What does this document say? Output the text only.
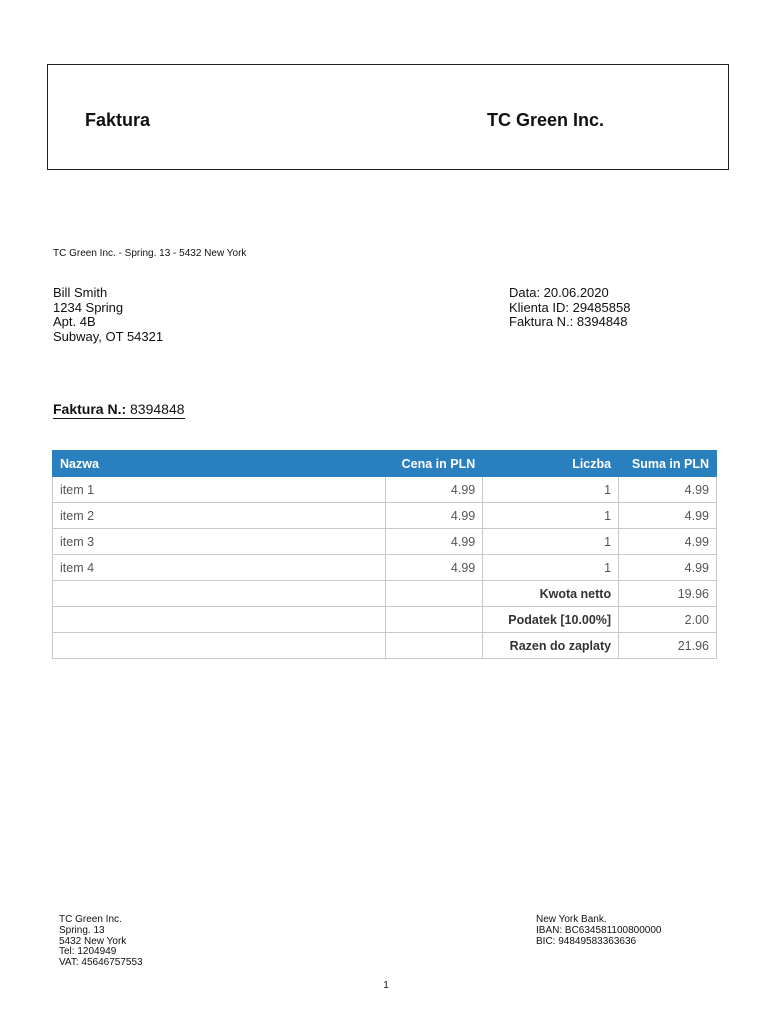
Faktura	TC Green Inc.
TC Green Inc. - Spring. 13 - 5432 New York
Bill Smith
1234 Spring
Apt. 4B
Subway, OT 54321
Data: 20.06.2020
Klienta ID: 29485858
Faktura N.: 8394848
Faktura N.: 8394848
Nazwa	Cena in PLN	Liczba	Suma in PLN
item 1	4.99	1	4.99
item 2	4.99	1	4.99
item 3	4.99	1	4.99
item 4	4.99	1	4.99
		Kwota netto	19.96
		Podatek [10.00%]	2.00
		Razen do zaplaty	21.96
TC Green Inc.
Spring. 13
5432 New York
Tel: 1204949
VAT: 45646757553
New York Bank.
IBAN: BC634581100800000
BIC: 94849583363636
1
